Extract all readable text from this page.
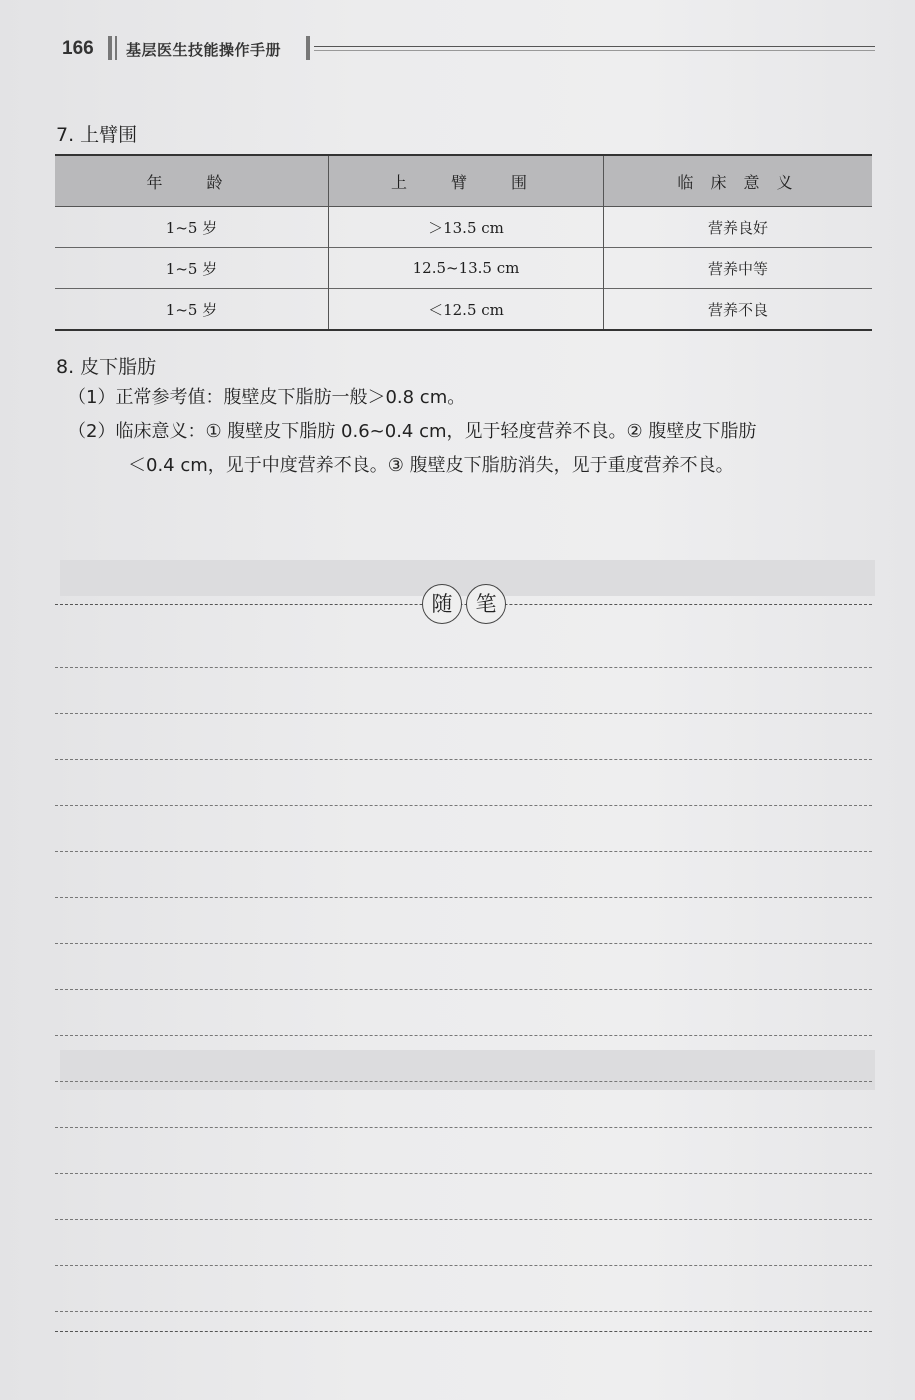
166 基层医生技能操作手册
7. 上臂围
年　龄	上　臂　围	临 床 意 义
1~5 岁	＞13.5 cm	营养良好
1~5 岁	12.5~13.5 cm	营养中等
1~5 岁	＜12.5 cm	营养不良
8. 皮下脂肪
（1）正常参考值：腹壁皮下脂肪一般＞0.8 cm。
（2）临床意义：① 腹壁皮下脂肪 0.6~0.4 cm，见于轻度营养不良。② 腹壁皮下脂肪
＜0.4 cm，见于中度营养不良。③ 腹壁皮下脂肪消失，见于重度营养不良。
随	笔
